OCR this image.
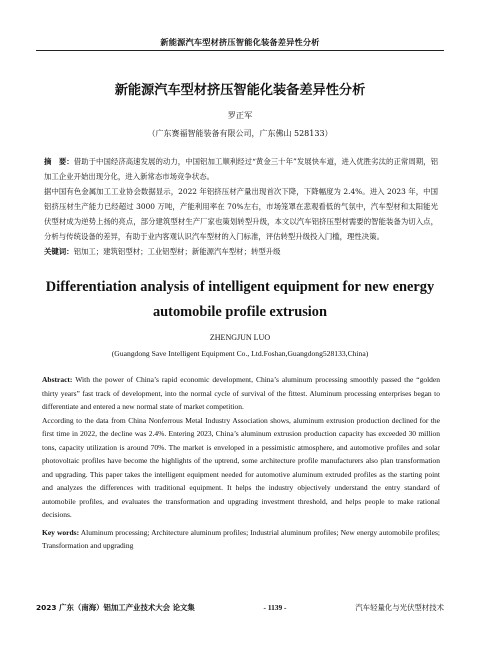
新能源汽车型材挤压智能化装备差异性分析
新能源汽车型材挤压智能化装备差异性分析
罗正军
（广东赛福智能装备有限公司，广东佛山 528133）

摘　要：借助于中国经济高速发展的动力，中国铝加工顺利经过“黄金三十年”发展快车道，进入优胜劣汰的正常周期，铝加工企业开始出现分化，进入新常态市场竞争状态。

据中国有色金属加工工业协会数据显示，2022 年铝挤压材产量出现首次下降，下降幅度为 2.4%。进入 2023 年，中国铝挤压材生产能力已经超过 3000 万吨，产能利用率在 70%左右，市场笼罩在悲观看低的气氛中，汽车型材和太阳能光伏型材成为逆势上扬的亮点，部分建筑型材生产厂家也策划转型升级，本文以汽车铝挤压型材需要的智能装备为切入点，分析与传统设备的差异，有助于业内客观认识汽车型材的入门标准，评估转型升级投入门槛，理性决策。

关键词：铝加工；建筑铝型材；工业铝型材；新能源汽车型材；转型升级

Differentiation analysis of intelligent equipment for new energy
automobile profile extrusion
ZHENGJUN LUO
(Guangdong Save Intelligent Equipment Co., Ltd.Foshan,Guangdong528133,China)

Abstract: With the power of China’s rapid economic development, China’s aluminum processing smoothly passed the “golden thirty years” fast track of development, into the normal cycle of survival of the fittest. Aluminum processing enterprises began to differentiate and entered a new normal state of market competition.

According to the data from China Nonferrous Metal Industry Association shows, aluminum extrusion production declined for the first time in 2022, the decline was 2.4%. Entering 2023, China’s aluminum extrusion production capacity has exceeded 30 million tons, capacity utilization is around 70%. The market is enveloped in a pessimistic atmosphere, and automotive profiles and solar photovoltaic profiles have become the highlights of the uptrend, some architecture profile manufacturers also plan transformation and upgrading. This paper takes the intelligent equipment needed for automotive aluminum extruded profiles as the starting point and analyzes the differences with traditional equipment. It helps the industry objectively understand the entry standard of automobile profiles, and evaluates the transformation and upgrading investment threshold, and helps people to make rational decisions.

Key words: Aluminum processing; Architecture aluminum profiles; Industrial aluminum profiles; New energy automobile profiles; Transformation and upgrading

2023 广东（南海）铝加工产业技术大会 论文集	- 1139 -	汽车轻量化与光伏型材技术
